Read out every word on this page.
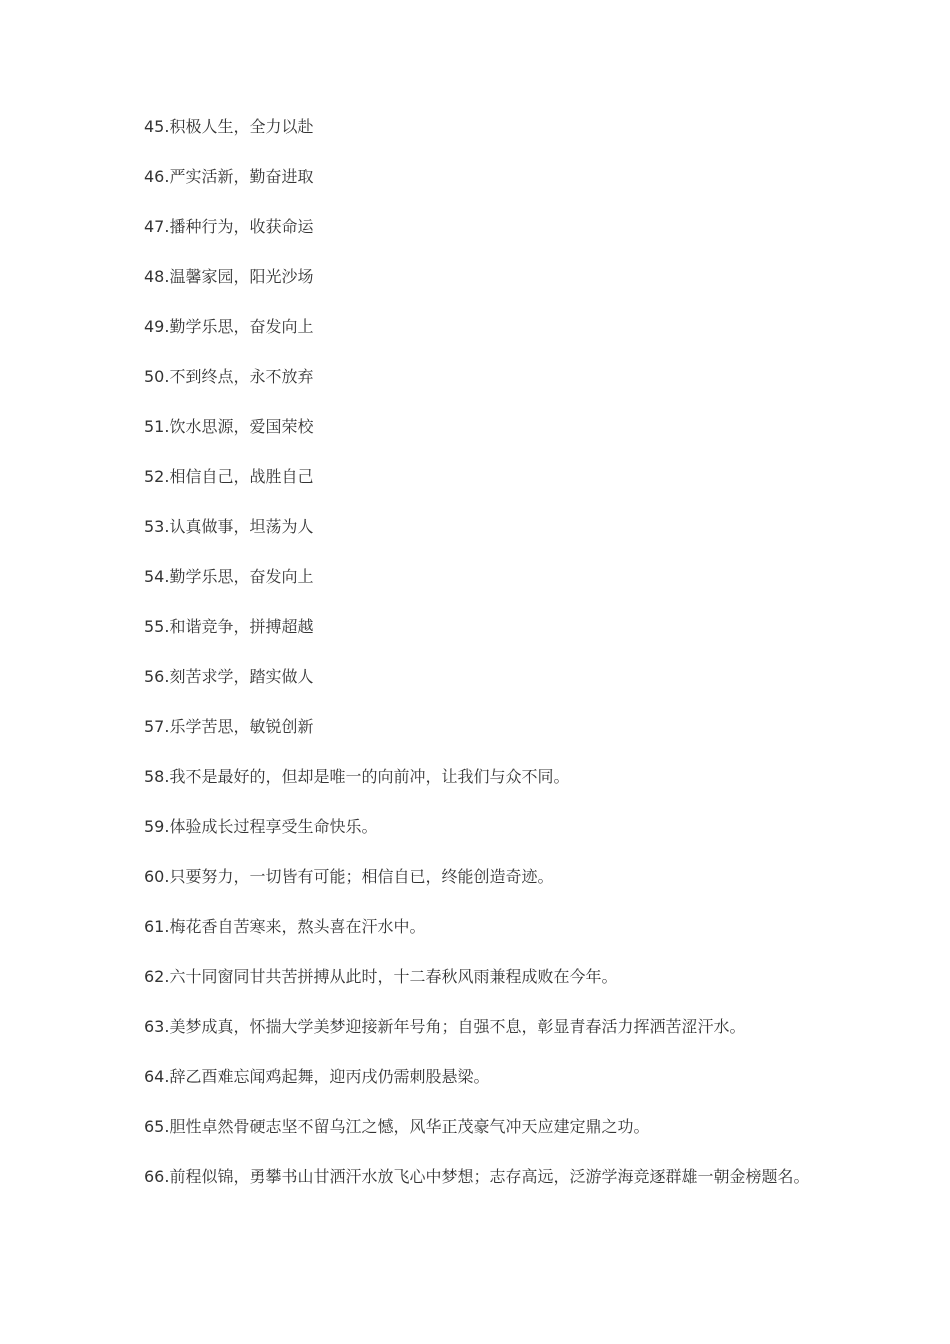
45.积极人生，全力以赴
46.严实活新，勤奋进取
47.播种行为，收获命运
48.温馨家园，阳光沙场
49.勤学乐思，奋发向上
50.不到终点，永不放弃
51.饮水思源，爱国荣校
52.相信自己，战胜自己
53.认真做事，坦荡为人
54.勤学乐思，奋发向上
55.和谐竞争，拼搏超越
56.刻苦求学，踏实做人
57.乐学苦思，敏锐创新
58.我不是最好的，但却是唯一的向前冲，让我们与众不同。
59.体验成长过程享受生命快乐。
60.只要努力，一切皆有可能；相信自已，终能创造奇迹。
61.梅花香自苦寒来，熬头喜在汗水中。
62.六十同窗同甘共苦拼搏从此时，十二春秋风雨兼程成败在今年。
63.美梦成真，怀揣大学美梦迎接新年号角；自强不息，彰显青春活力挥洒苦涩汗水。
64.辞乙酉难忘闻鸡起舞，迎丙戌仍需刺股悬梁。
65.胆性卓然骨硬志坚不留乌江之憾，风华正茂豪气冲天应建定鼎之功。
66.前程似锦，勇攀书山甘洒汗水放飞心中梦想；志存高远，泛游学海竞逐群雄一朝金榜题名。
